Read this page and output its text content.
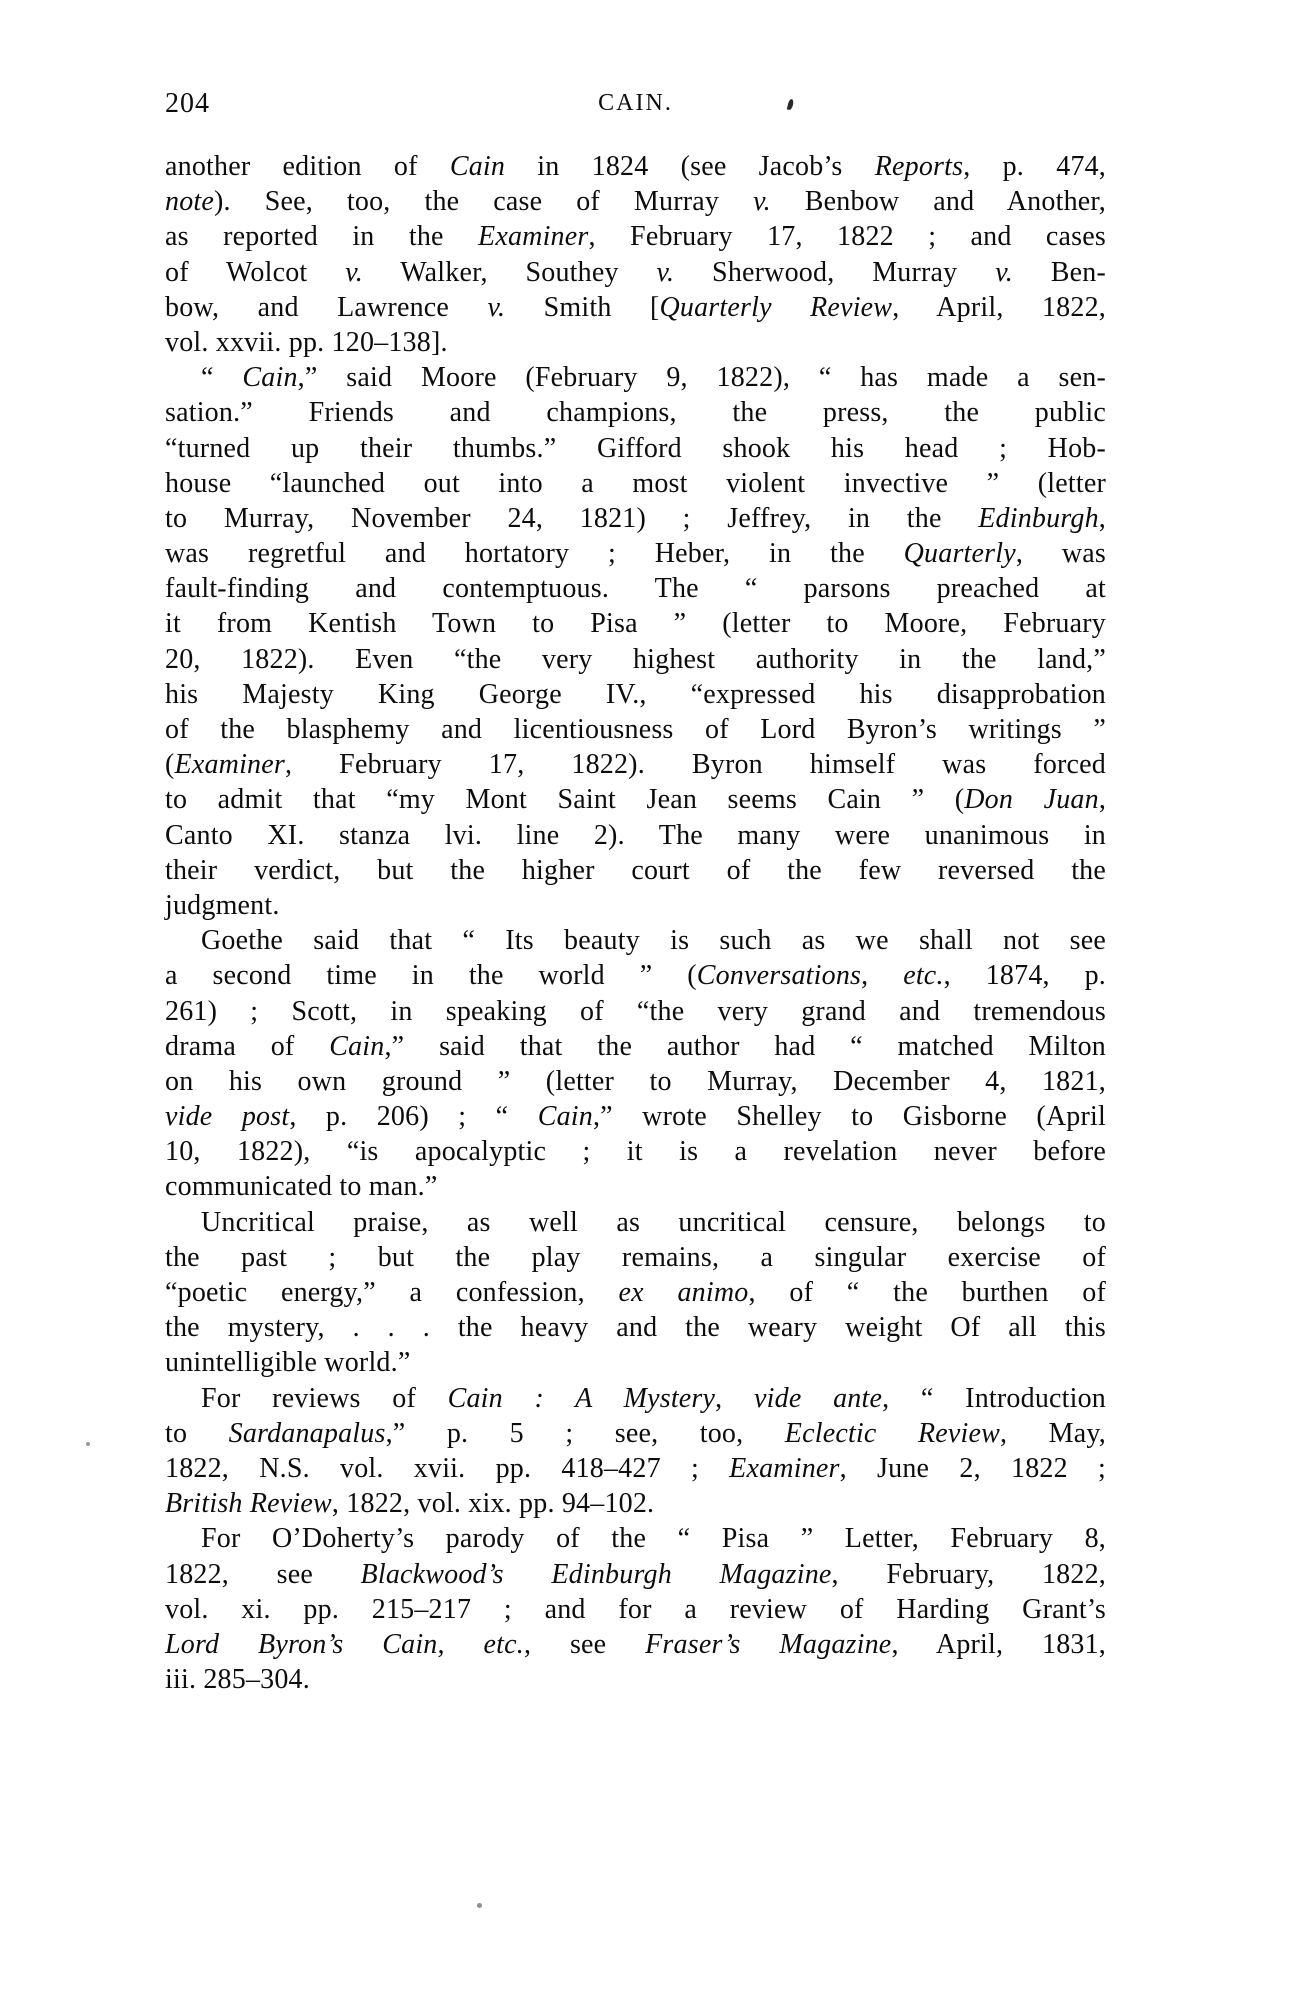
204	CAIN.
another edition of Cain in 1824 (see Jacob’s Reports, p. 474,
note). See, too, the case of Murray v. Benbow and Another,
as reported in the Examiner, February 17, 1822 ; and cases
of Wolcot v. Walker, Southey v. Sherwood, Murray v. Ben-
bow, and Lawrence v. Smith [Quarterly Review, April, 1822,
vol. xxvii. pp. 120–138].
“ Cain,” said Moore (February 9, 1822), “ has made a sen-
sation.” Friends and champions, the press, the public
“turned up their thumbs.” Gifford shook his head ; Hob-
house “launched out into a most violent invective ” (letter
to Murray, November 24, 1821) ; Jeffrey, in the Edinburgh,
was regretful and hortatory ; Heber, in the Quarterly, was
fault-finding and contemptuous. The “ parsons preached at
it from Kentish Town to Pisa ” (letter to Moore, February
20, 1822). Even “the very highest authority in the land,”
his Majesty King George IV., “expressed his disapprobation
of the blasphemy and licentiousness of Lord Byron’s writings ”
(Examiner, February 17, 1822). Byron himself was forced
to admit that “my Mont Saint Jean seems Cain ” (Don Juan,
Canto XI. stanza lvi. line 2). The many were unanimous in
their verdict, but the higher court of the few reversed the
judgment.
Goethe said that “ Its beauty is such as we shall not see
a second time in the world ” (Conversations, etc., 1874, p.
261) ; Scott, in speaking of “the very grand and tremendous
drama of Cain,” said that the author had “ matched Milton
on his own ground ” (letter to Murray, December 4, 1821,
vide post, p. 206) ; “ Cain,” wrote Shelley to Gisborne (April
10, 1822), “is apocalyptic ; it is a revelation never before
communicated to man.”
Uncritical praise, as well as uncritical censure, belongs to
the past ; but the play remains, a singular exercise of
“poetic energy,” a confession, ex animo, of “ the burthen of
the mystery, . . . the heavy and the weary weight Of all this
unintelligible world.”
For reviews of Cain : A Mystery, vide ante, “ Introduction
to Sardanapalus,” p. 5 ; see, too, Eclectic Review, May,
1822, N.S. vol. xvii. pp. 418–427 ; Examiner, June 2, 1822 ;
British Review, 1822, vol. xix. pp. 94–102.
For O’Doherty’s parody of the “ Pisa ” Letter, February 8,
1822, see Blackwood’s Edinburgh Magazine, February, 1822,
vol. xi. pp. 215–217 ; and for a review of Harding Grant’s
Lord Byron’s Cain, etc., see Fraser’s Magazine, April, 1831,
iii. 285–304.
